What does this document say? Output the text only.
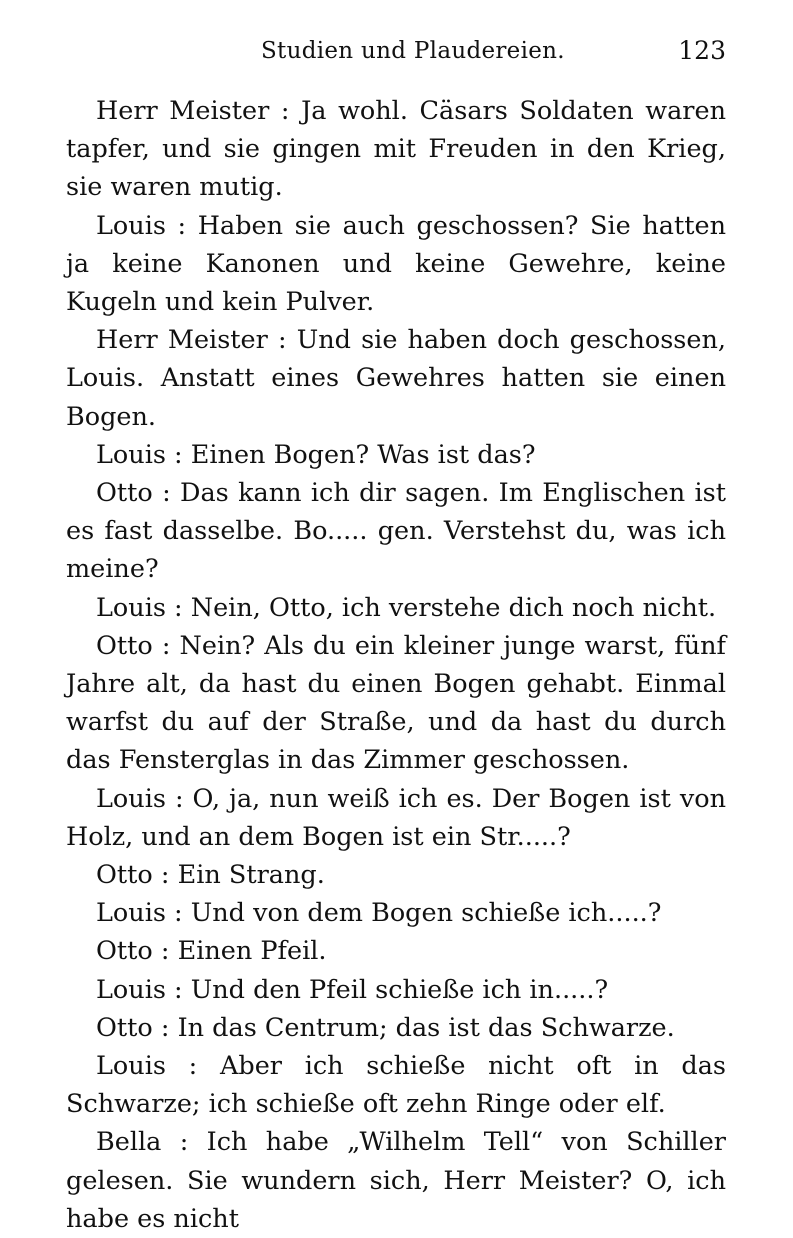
Studien und Plaudereien.	123

Herr Meister : Ja wohl. Cäsars Soldaten waren tapfer, und sie gingen mit Freuden in den Krieg, sie waren mutig.

Louis : Haben sie auch geschossen? Sie hatten ja keine Kanonen und keine Gewehre, keine Kugeln und kein Pulver.

Herr Meister : Und sie haben doch geschossen, Louis. Anstatt eines Gewehres hatten sie einen Bogen.

Louis : Einen Bogen? Was ist das?

Otto : Das kann ich dir sagen. Im Englischen ist es fast dasselbe. Bo..... gen. Verstehst du, was ich meine?

Louis : Nein, Otto, ich verstehe dich noch nicht.

Otto : Nein? Als du ein kleiner junge warst, fünf Jahre alt, da hast du einen Bogen gehabt. Einmal warfst du auf der Straße, und da hast du durch das Fensterglas in das Zimmer geschossen.

Louis : O, ja, nun weiß ich es. Der Bogen ist von Holz, und an dem Bogen ist ein Str.....?

Otto : Ein Strang.

Louis : Und von dem Bogen schieße ich.....?

Otto : Einen Pfeil.

Louis : Und den Pfeil schieße ich in.....?

Otto : In das Centrum; das ist das Schwarze.

Louis : Aber ich schieße nicht oft in das Schwarze; ich schieße oft zehn Ringe oder elf.

Bella : Ich habe „Wilhelm Tell“ von Schiller gelesen. Sie wundern sich, Herr Meister? O, ich habe es nicht
